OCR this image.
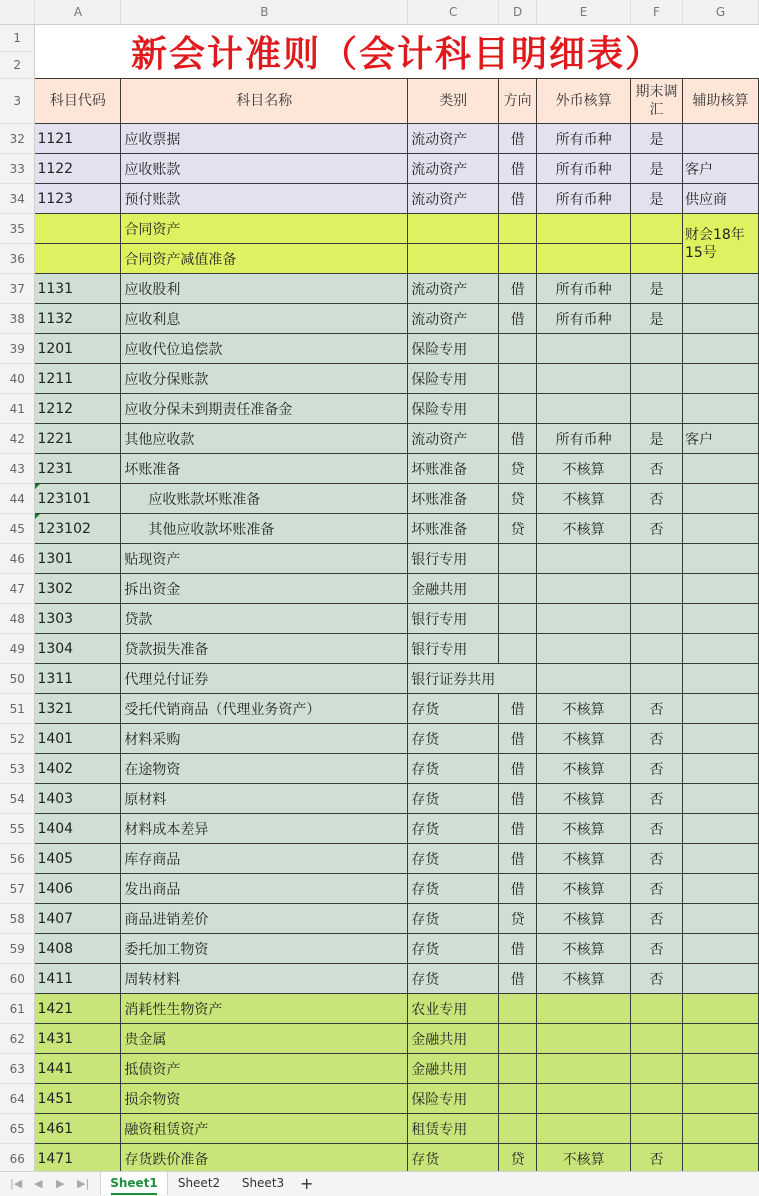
	A	B	C	D	E	F	G
1	新会计准则（会计科目明细表）						
2							
3	科目代码	科目名称	类别	方向	外币核算	期末调汇	辅助核算
32	1121	应收票据	流动资产	借	所有币种	是	
33	1122	应收账款	流动资产	借	所有币种	是	客户
34	1123	预付账款	流动资产	借	所有币种	是	供应商
35		合同资产					财会18年15号
36		合同资产减值准备					
37	1131	应收股利	流动资产	借	所有币种	是	
38	1132	应收利息	流动资产	借	所有币种	是	
39	1201	应收代位追偿款	保险专用				
40	1211	应收分保账款	保险专用				
41	1212	应收分保未到期责任准备金	保险专用				
42	1221	其他应收款	流动资产	借	所有币种	是	客户
43	1231	坏账准备	坏账准备	贷	不核算	否	
44	123101	应收账款坏账准备	坏账准备	贷	不核算	否	
45	123102	其他应收款坏账准备	坏账准备	贷	不核算	否	
46	1301	贴现资产	银行专用				
47	1302	拆出资金	金融共用				
48	1303	贷款	银行专用				
49	1304	贷款损失准备	银行专用				
50	1311	代理兑付证券	银行证券共用				
51	1321	受托代销商品（代理业务资产）	存货	借	不核算	否	
52	1401	材料采购	存货	借	不核算	否	
53	1402	在途物资	存货	借	不核算	否	
54	1403	原材料	存货	借	不核算	否	
55	1404	材料成本差异	存货	借	不核算	否	
56	1405	库存商品	存货	借	不核算	否	
57	1406	发出商品	存货	借	不核算	否	
58	1407	商品进销差价	存货	贷	不核算	否	
59	1408	委托加工物资	存货	借	不核算	否	
60	1411	周转材料	存货	借	不核算	否	
61	1421	消耗性生物资产	农业专用				
62	1431	贵金属	金融共用				
63	1441	抵债资产	金融共用				
64	1451	损余物资	保险专用				
65	1461	融资租赁资产	租赁专用				
66	1471	存货跌价准备	存货	贷	不核算	否	
|◀ ◀ ▶ ▶|	Sheet1	Sheet2	Sheet3 +
